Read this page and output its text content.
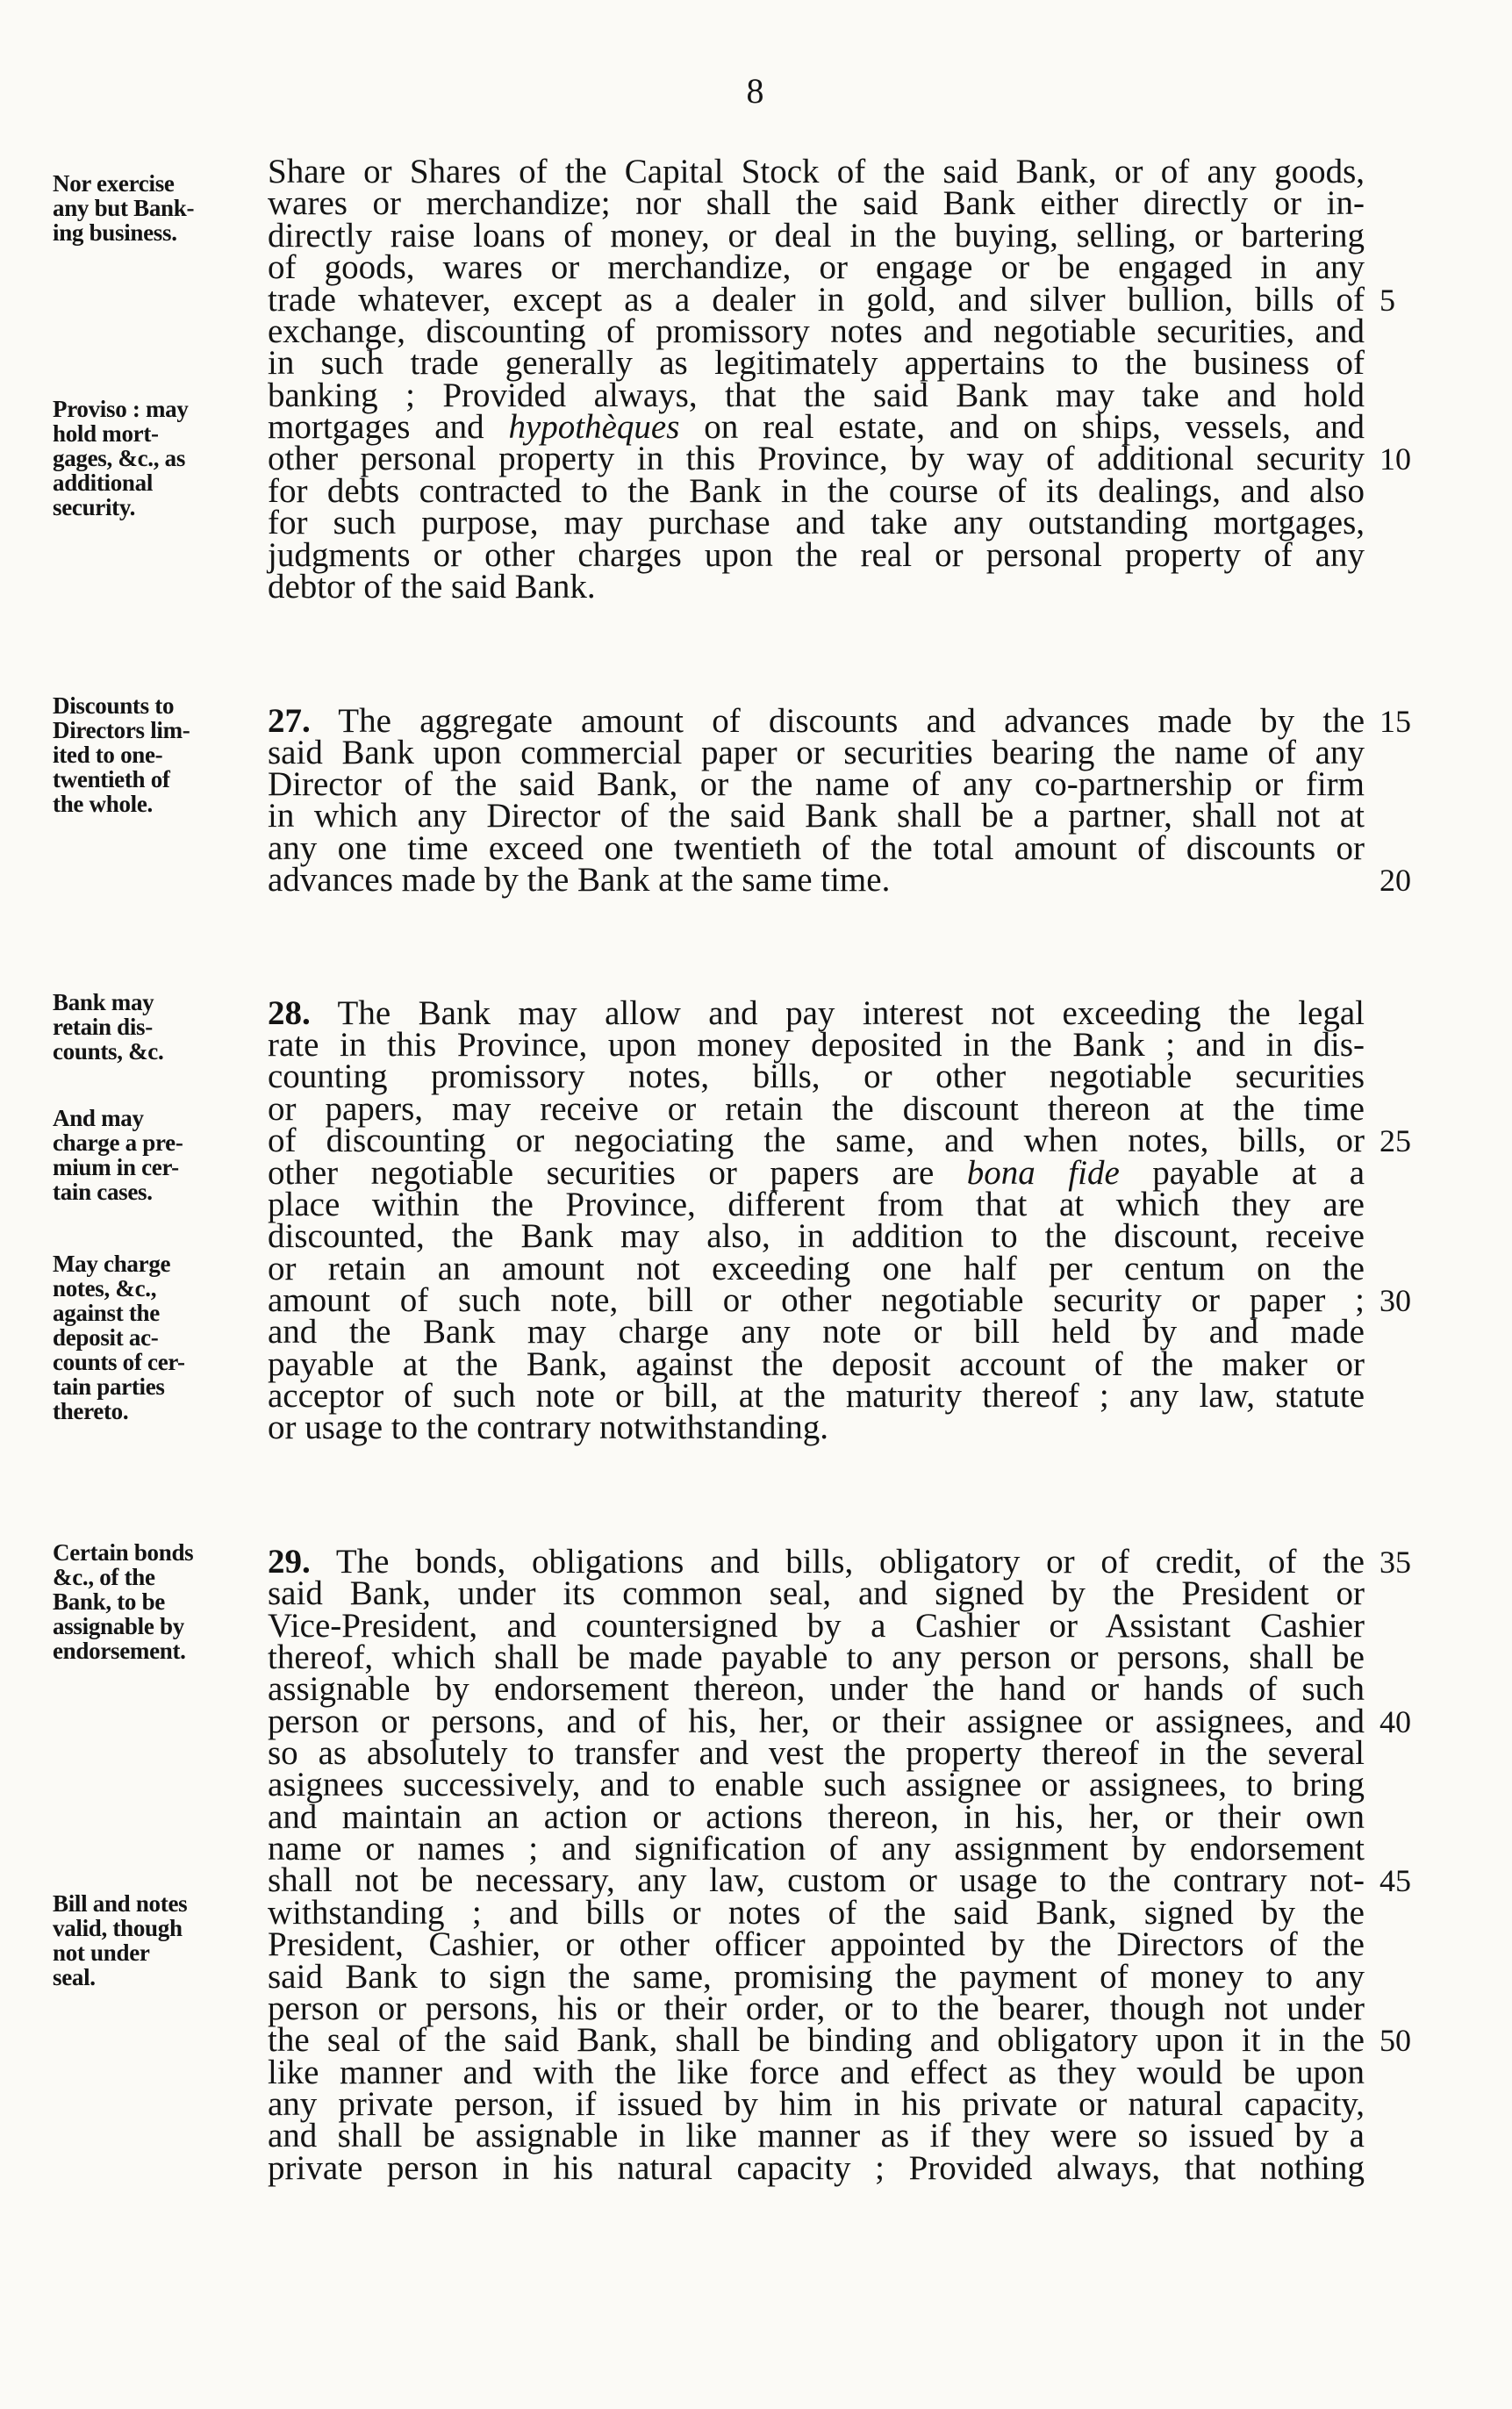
8
Share or Shares of the Capital Stock of the said Bank, or of any goods,
wares or merchandize; nor shall the said Bank either directly or in-
directly raise loans of money, or deal in the buying, selling, or bartering
of goods, wares or merchandize, or engage or be engaged in any
trade whatever, except as a dealer in gold, and silver bullion, bills of
exchange, discounting of promissory notes and negotiable securities, and
in such trade generally as legitimately appertains to the business of
banking ; Provided always, that the said Bank may take and hold
mortgages and hypothèques on real estate, and on ships, vessels, and
other personal property in this Province, by way of additional security
for debts contracted to the Bank in the course of its dealings, and also
for such purpose, may purchase and take any outstanding mortgages,
judgments or other charges upon the real or personal property of any
debtor of the said Bank.
27. The aggregate amount of discounts and advances made by the
said Bank upon commercial paper or securities bearing the name of any
Director of the said Bank, or the name of any co-partnership or firm
in which any Director of the said Bank shall be a partner, shall not at
any one time exceed one twentieth of the total amount of discounts or
advances made by the Bank at the same time.
28. The Bank may allow and pay interest not exceeding the legal
rate in this Province, upon money deposited in the Bank ; and in dis-
counting promissory notes, bills, or other negotiable securities
or papers, may receive or retain the discount thereon at the time
of discounting or negociating the same, and when notes, bills, or
other negotiable securities or papers are bona fide payable at a
place within the Province, different from that at which they are
discounted, the Bank may also, in addition to the discount, receive
or retain an amount not exceeding one half per centum on the
amount of such note, bill or other negotiable security or paper ;
and the Bank may charge any note or bill held by and made
payable at the Bank, against the deposit account of the maker or
acceptor of such note or bill, at the maturity thereof ; any law, statute
or usage to the contrary notwithstanding.
29. The bonds, obligations and bills, obligatory or of credit, of the
said Bank, under its common seal, and signed by the President or
Vice-President, and countersigned by a Cashier or Assistant Cashier
thereof, which shall be made payable to any person or persons, shall be
assignable by endorsement thereon, under the hand or hands of such
person or persons, and of his, her, or their assignee or assignees, and
so as absolutely to transfer and vest the property thereof in the several
asignees successively, and to enable such assignee or assignees, to bring
and maintain an action or actions thereon, in his, her, or their own
name or names ; and signification of any assignment by endorsement
shall not be necessary, any law, custom or usage to the contrary not-
withstanding ; and bills or notes of the said Bank, signed by the
President, Cashier, or other officer appointed by the Directors of the
said Bank to sign the same, promising the payment of money to any
person or persons, his or their order, or to the bearer, though not under
the seal of the said Bank, shall be binding and obligatory upon it in the
like manner and with the like force and effect as they would be upon
any private person, if issued by him in his private or natural capacity,
and shall be assignable in like manner as if they were so issued by a
private person in his natural capacity ; Provided always, that nothing
5
10
15
20
25
30
35
40
45
50
Nor exercise
any but Bank-
ing business.
Proviso : may
hold mort-
gages, &c., as
additional
security.
Discounts to
Directors lim-
ited to one-
twentieth of
the whole.
Bank may
retain dis-
counts, &c.
And may
charge a pre-
mium in cer-
tain cases.
May charge
notes, &c.,
against the
deposit ac-
counts of cer-
tain parties
thereto.
Certain bonds
&c., of the
Bank, to be
assignable by
endorsement.
Bill and notes
valid, though
not under
seal.
